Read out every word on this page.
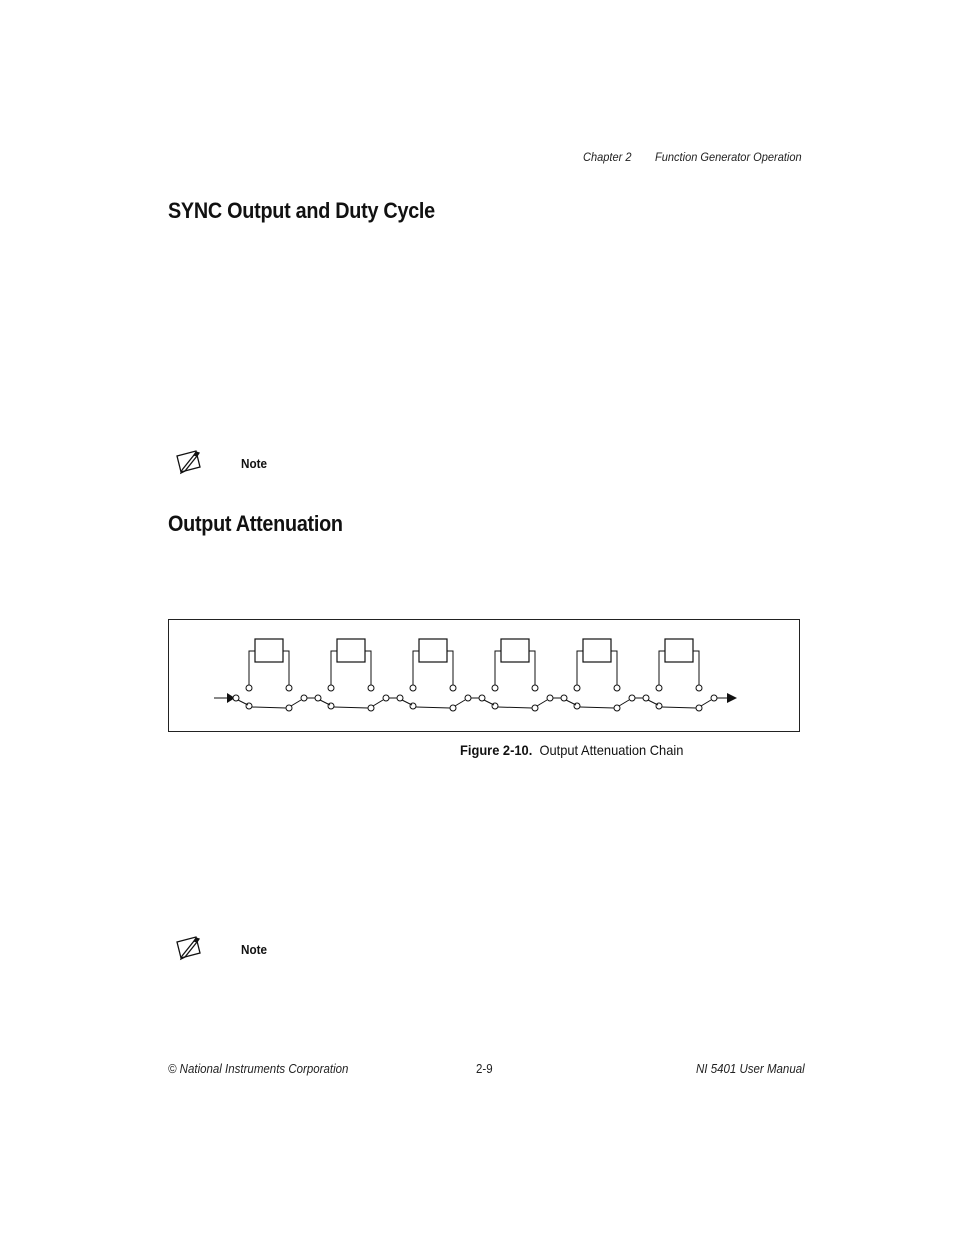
Chapter 2 Function Generator Operation
SYNC Output and Duty Cycle
Note
Output Attenuation
Figure 2-10. Output Attenuation Chain
Note
© National Instruments Corporation	2-9	NI 5401 User Manual
